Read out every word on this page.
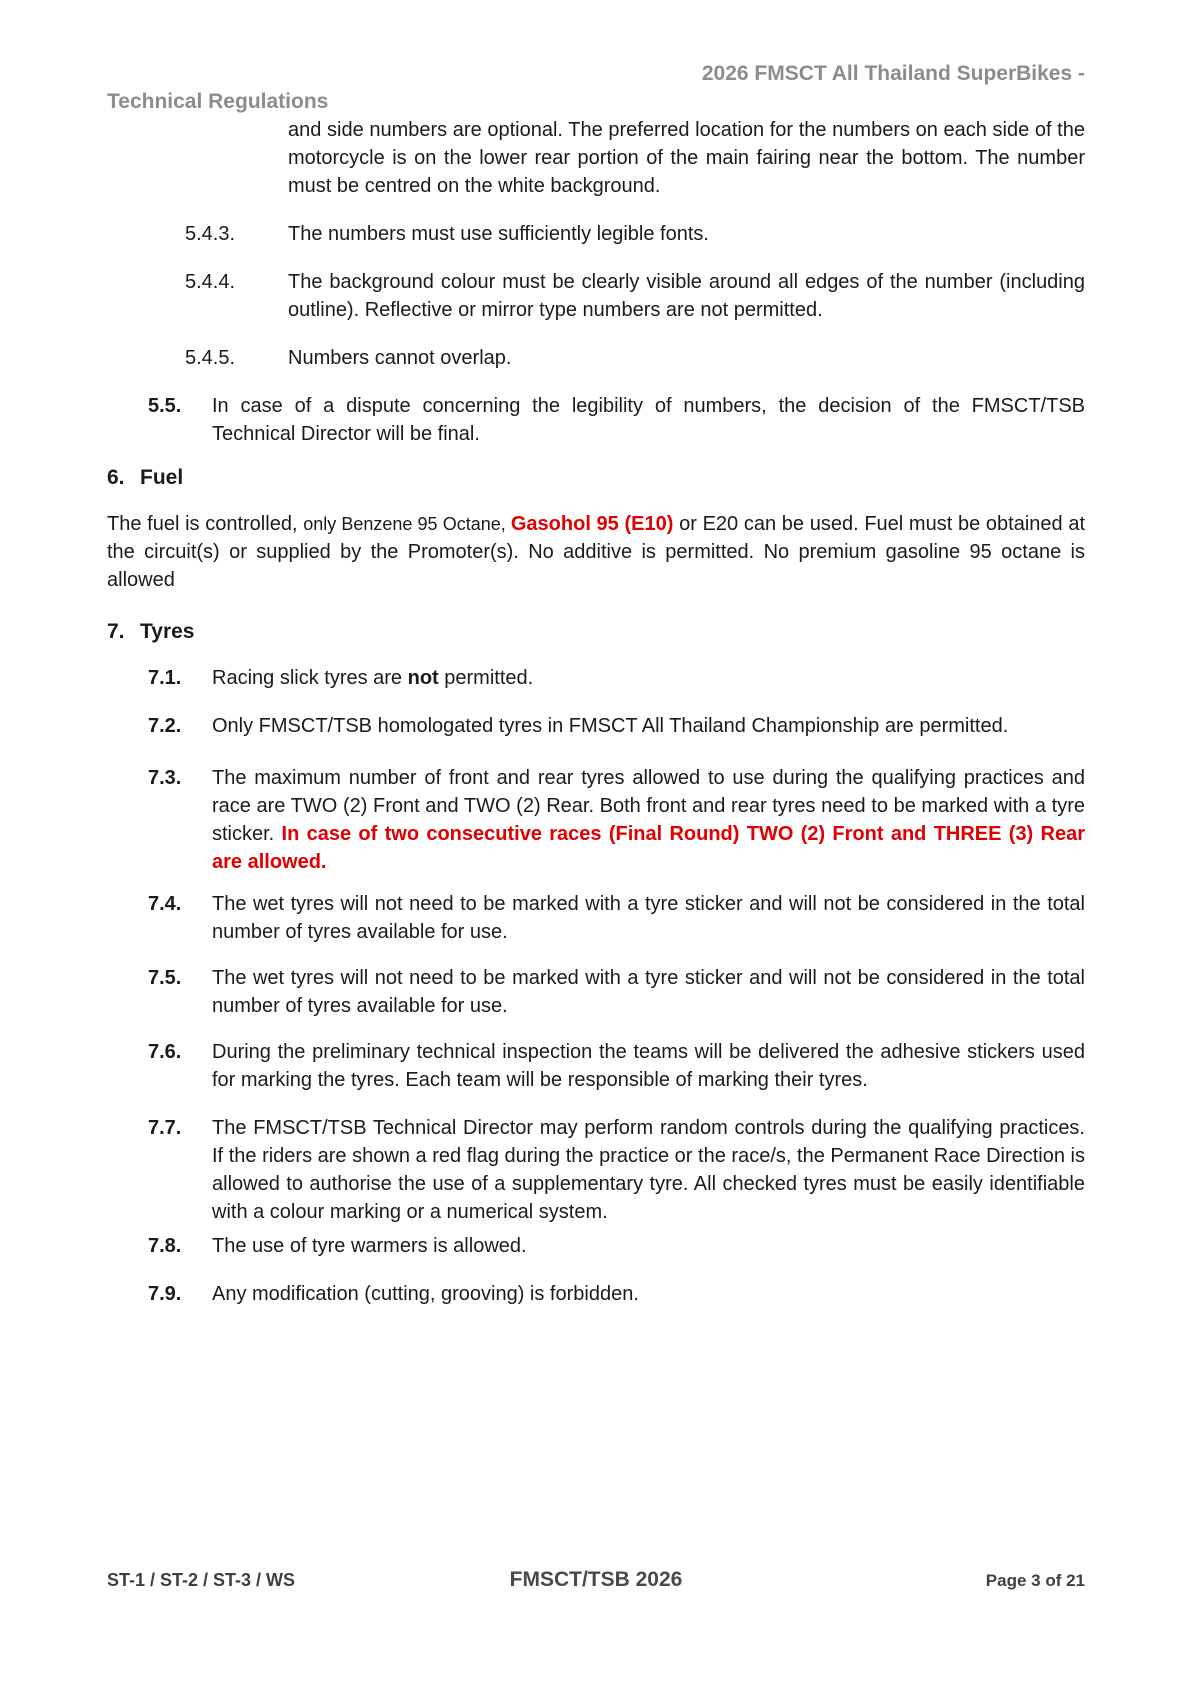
2026 FMSCT All Thailand SuperBikes -
Technical Regulations
and side numbers are optional. The preferred location for the numbers on each side of the motorcycle is on the lower rear portion of the main fairing near the bottom. The number must be centred on the white background.
5.4.3.	The numbers must use sufficiently legible fonts.
5.4.4.	The background colour must be clearly visible around all edges of the number (including outline). Reflective or mirror type numbers are not permitted.
5.4.5.	Numbers cannot overlap.
5.5.	In case of a dispute concerning the legibility of numbers, the decision of the FMSCT/TSB Technical Director will be final.
6. Fuel
The fuel is controlled, only Benzene 95 Octane, Gasohol 95 (E10) or E20 can be used. Fuel must be obtained at the circuit(s) or supplied by the Promoter(s). No additive is permitted. No premium gasoline 95 octane is allowed
7. Tyres
7.1.	Racing slick tyres are not permitted.
7.2.	Only FMSCT/TSB homologated tyres in FMSCT All Thailand Championship are permitted.
7.3.	The maximum number of front and rear tyres allowed to use during the qualifying practices and race are TWO (2) Front and TWO (2) Rear. Both front and rear tyres need to be marked with a tyre sticker. In case of two consecutive races (Final Round) TWO (2) Front and THREE (3) Rear are allowed.
7.4.	The wet tyres will not need to be marked with a tyre sticker and will not be considered in the total number of tyres available for use.
7.5.	The wet tyres will not need to be marked with a tyre sticker and will not be considered in the total number of tyres available for use.
7.6.	During the preliminary technical inspection the teams will be delivered the adhesive stickers used for marking the tyres. Each team will be responsible of marking their tyres.
7.7.	The FMSCT/TSB Technical Director may perform random controls during the qualifying practices. If the riders are shown a red flag during the practice or the race/s, the Permanent Race Direction is allowed to authorise the use of a supplementary tyre. All checked tyres must be easily identifiable with a colour marking or a numerical system.
7.8.	The use of tyre warmers is allowed.
7.9.	Any modification (cutting, grooving) is forbidden.
ST-1 / ST-2 / ST-3 / WS	FMSCT/TSB 2026	Page 3 of 21
